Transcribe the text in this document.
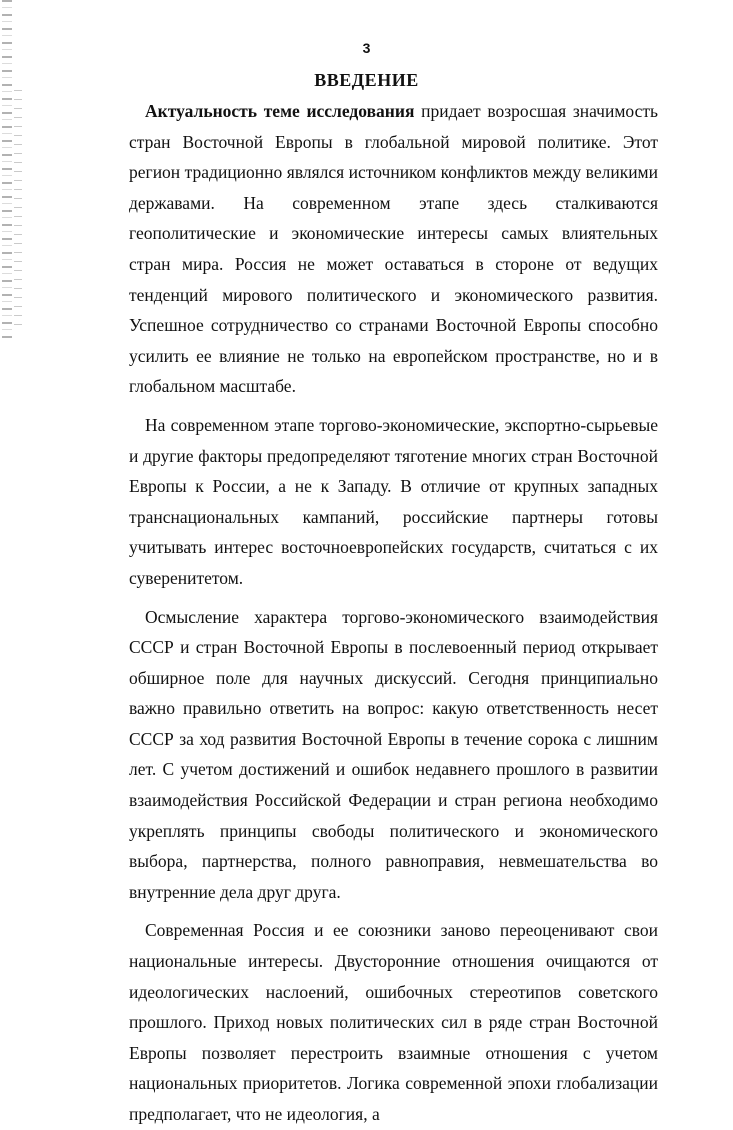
3
ВВЕДЕНИЕ

Актуальность теме исследования придает возросшая значимость стран Восточной Европы в глобальной мировой политике. Этот регион традиционно являлся источником конфликтов между великими державами. На современном этапе здесь сталкиваются геополитические и экономические интересы самых влиятельных стран мира. Россия не может оставаться в стороне от ведущих тенденций мирового политического и экономического развития. Успешное сотрудничество со странами Восточной Европы способно усилить ее влияние не только на европейском пространстве, но и в глобальном масштабе.

На современном этапе торгово-экономические, экспортно-сырьевые и другие факторы предопределяют тяготение многих стран Восточной Европы к России, а не к Западу. В отличие от крупных западных транснациональных кампаний, российские партнеры готовы учитывать интерес восточноевропейских государств, считаться с их суверенитетом.

Осмысление характера торгово-экономического взаимодействия СССР и стран Восточной Европы в послевоенный период открывает обширное поле для научных дискуссий. Сегодня принципиально важно правильно ответить на вопрос: какую ответственность несет СССР за ход развития Восточной Европы в течение сорока с лишним лет. С учетом достижений и ошибок недавнего прошлого в развитии взаимодействия Российской Федерации и стран региона необходимо укреплять принципы свободы политического и экономического выбора, партнерства, полного равноправия, невмешательства во внутренние дела друг друга.

Современная Россия и ее союзники заново переоценивают свои национальные интересы. Двусторонние отношения очищаются от идеологических наслоений, ошибочных стереотипов советского прошлого. Приход новых политических сил в ряде стран Восточной Европы позволяет перестроить взаимные отношения с учетом национальных приоритетов. Логика современной эпохи глобализации предполагает, что не идеология, а
